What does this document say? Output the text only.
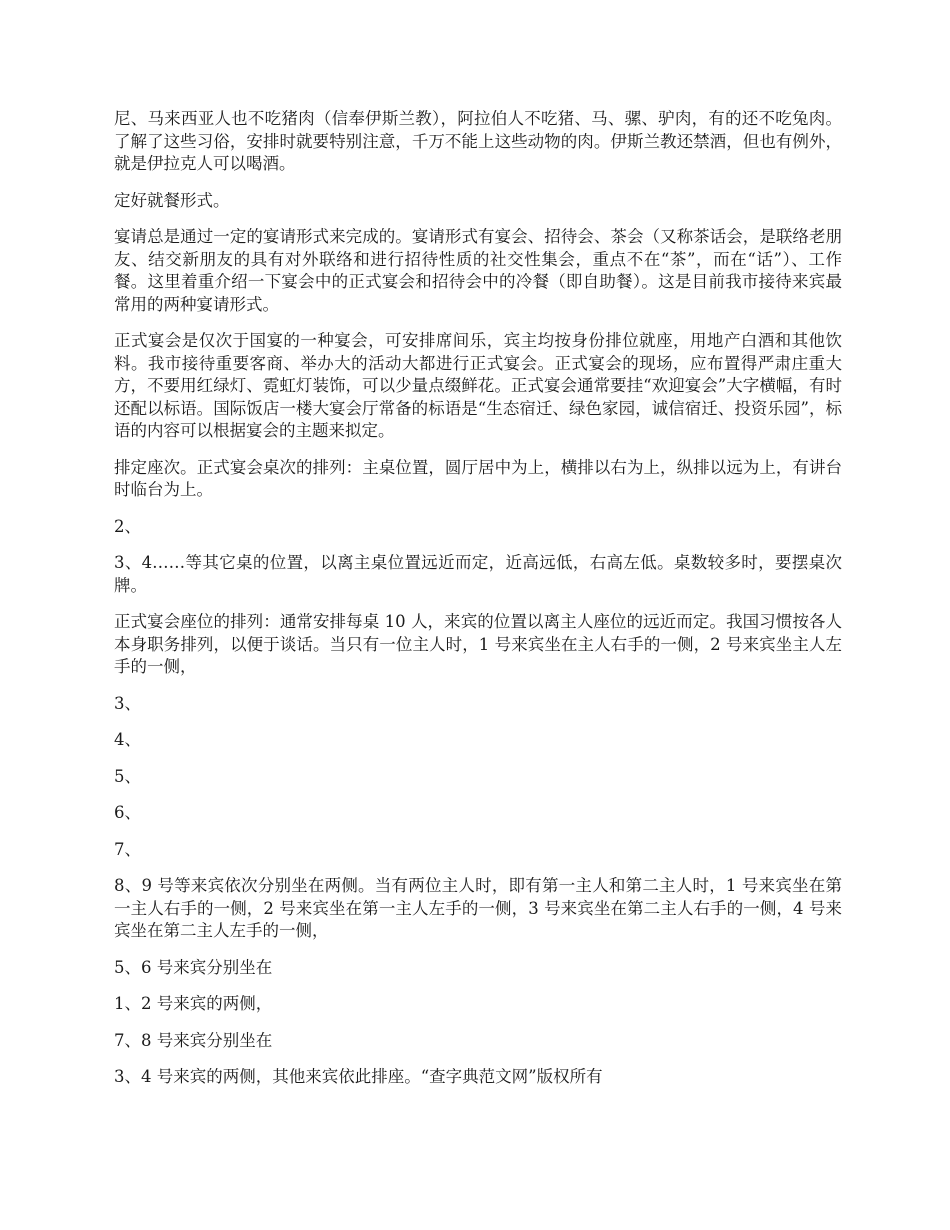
尼、马来西亚人也不吃猪肉（信奉伊斯兰教），阿拉伯人不吃猪、马、骡、驴肉，有的还不吃兔肉。了解了这些习俗，安排时就要特别注意，千万不能上这些动物的肉。伊斯兰教还禁酒，但也有例外，就是伊拉克人可以喝酒。

定好就餐形式。

宴请总是通过一定的宴请形式来完成的。宴请形式有宴会、招待会、茶会（又称茶话会，是联络老朋友、结交新朋友的具有对外联络和进行招待性质的社交性集会，重点不在“茶”，而在“话”）、工作餐。这里着重介绍一下宴会中的正式宴会和招待会中的冷餐（即自助餐）。这是目前我市接待来宾最常用的两种宴请形式。

正式宴会是仅次于国宴的一种宴会，可安排席间乐，宾主均按身份排位就座，用地产白酒和其他饮料。我市接待重要客商、举办大的活动大都进行正式宴会。正式宴会的现场，应布置得严肃庄重大方，不要用红绿灯、霓虹灯装饰，可以少量点缀鲜花。正式宴会通常要挂“欢迎宴会”大字横幅，有时还配以标语。国际饭店一楼大宴会厅常备的标语是“生态宿迁、绿色家园，诚信宿迁、投资乐园”，标语的内容可以根据宴会的主题来拟定。

排定座次。正式宴会桌次的排列：主桌位置，圆厅居中为上，横排以右为上，纵排以远为上，有讲台时临台为上。

2、

3、4……等其它桌的位置，以离主桌位置远近而定，近高远低，右高左低。桌数较多时，要摆桌次牌。

正式宴会座位的排列：通常安排每桌 10 人，来宾的位置以离主人座位的远近而定。我国习惯按各人本身职务排列，以便于谈话。当只有一位主人时，1 号来宾坐在主人右手的一侧，2 号来宾坐主人左手的一侧，

3、

4、

5、

6、

7、

8、9 号等来宾依次分别坐在两侧。当有两位主人时，即有第一主人和第二主人时，1 号来宾坐在第一主人右手的一侧，2 号来宾坐在第一主人左手的一侧，3 号来宾坐在第二主人右手的一侧，4 号来宾坐在第二主人左手的一侧，

5、6 号来宾分别坐在

1、2 号来宾的两侧，

7、8 号来宾分别坐在

3、4 号来宾的两侧，其他来宾依此排座。“查字典范文网”版权所有
